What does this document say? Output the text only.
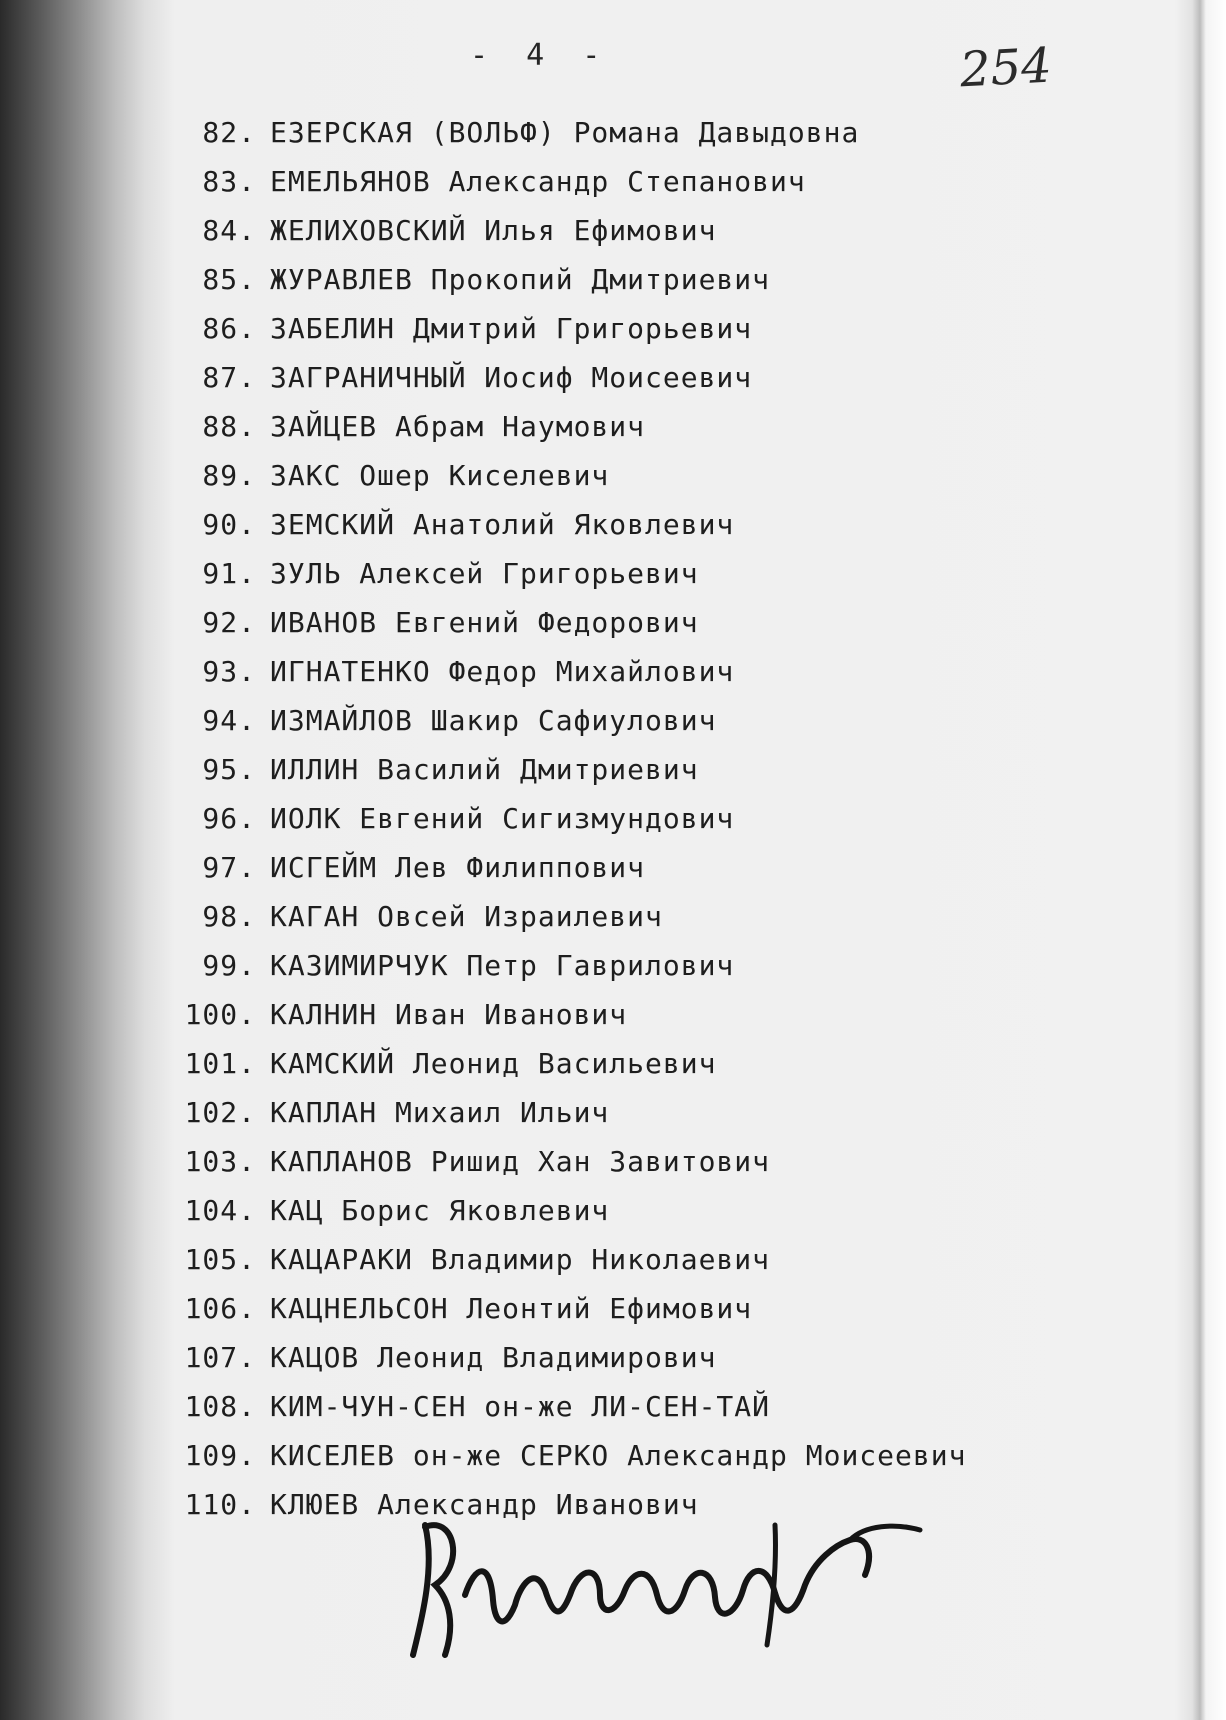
- 4 -	254
82. ЕЗЕРСКАЯ (ВОЛЬФ) Романа Давыдовна
83. ЕМЕЛЬЯНОВ Александр Степанович
84. ЖЕЛИХОВСКИЙ Илья Ефимович
85. ЖУРАВЛЕВ Прокопий Дмитриевич
86. ЗАБЕЛИН Дмитрий Григорьевич
87. ЗАГРАНИЧНЫЙ Иосиф Моисеевич
88. ЗАЙЦЕВ Абрам Наумович
89. ЗАКС Ошер Киселевич
90. ЗЕМСКИЙ Анатолий Яковлевич
91. ЗУЛЬ Алексей Григорьевич
92. ИВАНОВ Евгений Федорович
93. ИГНАТЕНКО Федор Михайлович
94. ИЗМАЙЛОВ Шакир Сафиулович
95. ИЛЛИН Василий Дмитриевич
96. ИОЛК Евгений Сигизмундович
97. ИСГЕЙМ Лев Филиппович
98. КАГАН Овсей Израилевич
99. КАЗИМИРЧУК Петр Гаврилович
100. КАЛНИН Иван Иванович
101. КАМСКИЙ Леонид Васильевич
102. КАПЛАН Михаил Ильич
103. КАПЛАНОВ Ришид Хан Завитович
104. КАЦ Борис Яковлевич
105. КАЦАРАКИ Владимир Николаевич
106. КАЦНЕЛЬСОН Леонтий Ефимович
107. КАЦОВ Леонид Владимирович
108. КИМ-ЧУН-СЕН он-же ЛИ-СЕН-ТАЙ
109. КИСЕЛЕВ он-же СЕРКО Александр Моисеевич
110. КЛЮЕВ Александр Иванович
